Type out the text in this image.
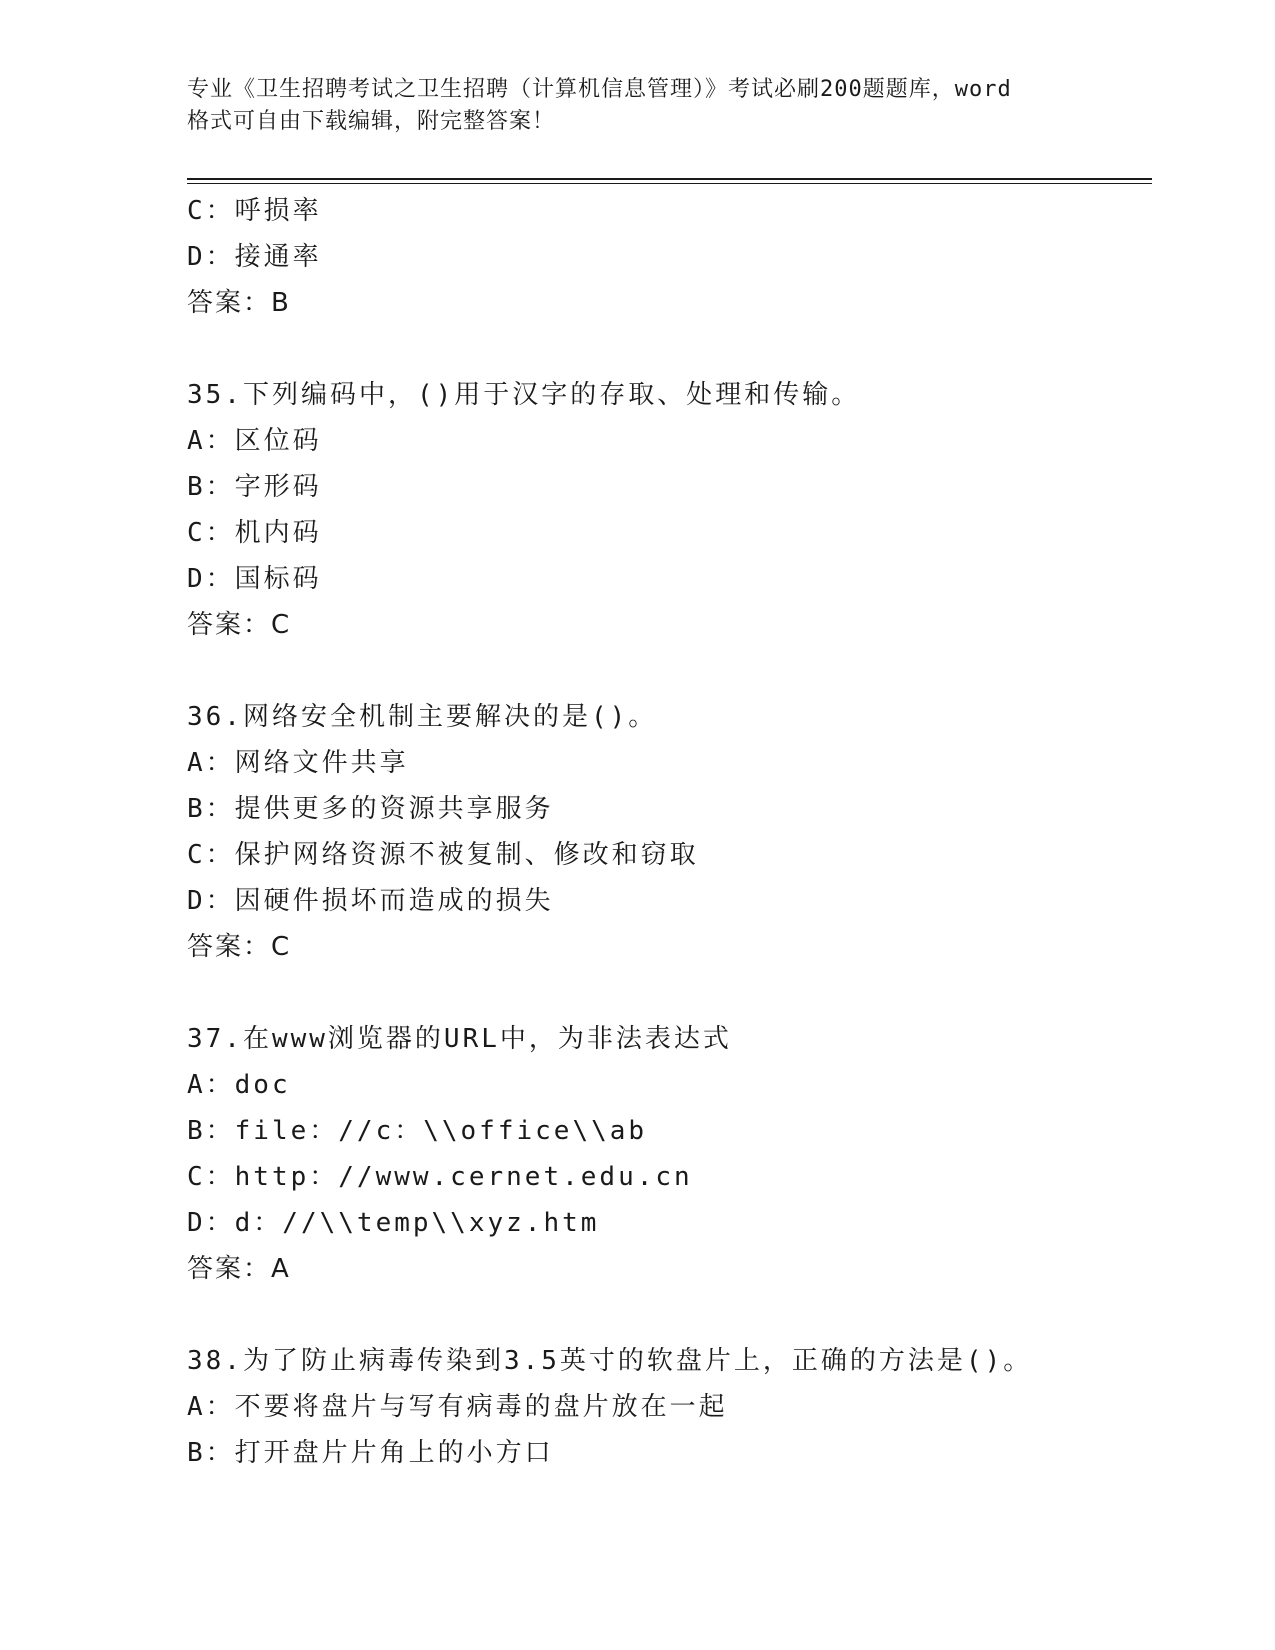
专业《卫生招聘考试之卫生招聘（计算机信息管理）》考试必刷200题题库，word
格式可自由下载编辑，附完整答案！
C：呼损率
D：接通率
答案：B
35.下列编码中，()用于汉字的存取、处理和传输。
A：区位码
B：字形码
C：机内码
D：国标码
答案：C
36.网络安全机制主要解决的是()。
A：网络文件共享
B：提供更多的资源共享服务
C：保护网络资源不被复制、修改和窃取
D：因硬件损坏而造成的损失
答案：C
37.在www浏览器的URL中，为非法表达式
A：doc
B：file：//c：\\office\\ab
C：http：//www.cernet.edu.cn
D：d：//\\temp\\xyz.htm
答案：A
38.为了防止病毒传染到3.5英寸的软盘片上，正确的方法是()。
A：不要将盘片与写有病毒的盘片放在一起
B：打开盘片片角上的小方口
